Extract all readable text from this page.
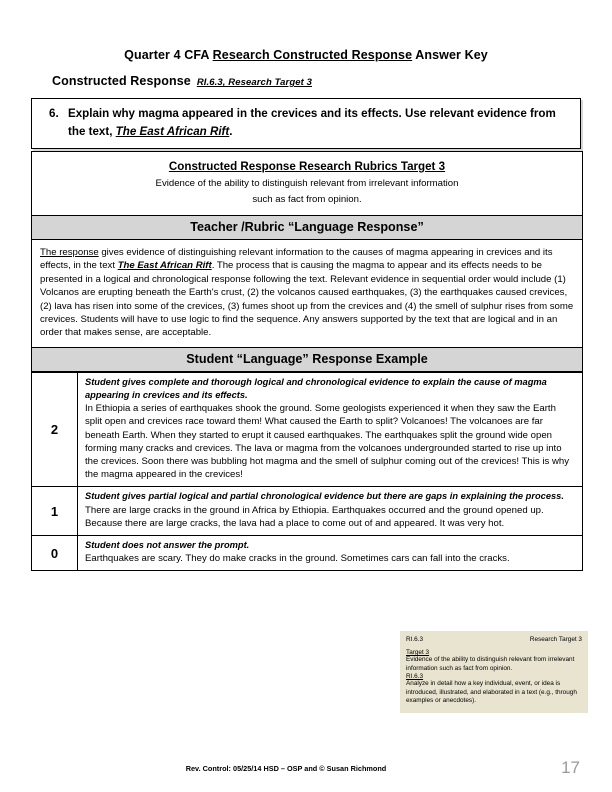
Quarter 4 CFA Research Constructed Response Answer Key
Constructed Response RI.6.3, Research Target 3
6. Explain why magma appeared in the crevices and its effects. Use relevant evidence from the text, The East African Rift.
Constructed Response Research Rubrics Target 3
Evidence of the ability to distinguish relevant from irrelevant information
such as fact from opinion.
Teacher /Rubric “Language Response”
The response gives evidence of distinguishing relevant information to the causes of magma appearing in crevices and its effects, in the text The East African Rift. The process that is causing the magma to appear and its effects needs to be presented in a logical and chronological response following the text. Relevant evidence in sequential order would include (1) Volcanos are erupting beneath the Earth's crust, (2) the volcanos caused earthquakes, (3) the earthquakes caused crevices, (2) lava has risen into some of the crevices, (3) fumes shoot up from the crevices and (4) the smell of sulphur rises from some crevices. Students will have to use logic to find the sequence. Any answers supported by the text that are logical and in an order that makes sense, are acceptable.
Student “Language” Response Example
2
Student gives complete and thorough logical and chronological evidence to explain the cause of magma appearing in crevices and its effects.
In Ethiopia a series of earthquakes shook the ground. Some geologists experienced it when they saw the Earth split open and crevices race toward them! What caused the Earth to split? Volcanoes! The volcanoes are far beneath Earth. When they started to erupt it caused earthquakes. The earthquakes split the ground wide open forming many cracks and crevices. The lava or magma from the volcanoes undergrounded started to rise up into the crevices. Soon there was bubbling hot magma and the smell of sulphur coming out of the crevices! This is why the magma appeared in the crevices!
1
Student gives partial logical and partial chronological evidence but there are gaps in explaining the process.
There are large cracks in the ground in Africa by Ethiopia. Earthquakes occurred and the ground opened up. Because there are large cracks, the lava had a place to come out of and appeared. It was very hot.
0
Student does not answer the prompt.
Earthquakes are scary. They do make cracks in the ground. Sometimes cars can fall into the cracks.
RI.6.3	Research Target 3
Target 3
Evidence of the ability to distinguish relevant from irrelevant information such as fact from opinion.
RI.6.3
Analyze in detail how a key individual, event, or idea is introduced, illustrated, and elaborated in a text (e.g., through examples or anecdotes).
Rev. Control: 05/25/14 HSD – OSP and © Susan Richmond	17
